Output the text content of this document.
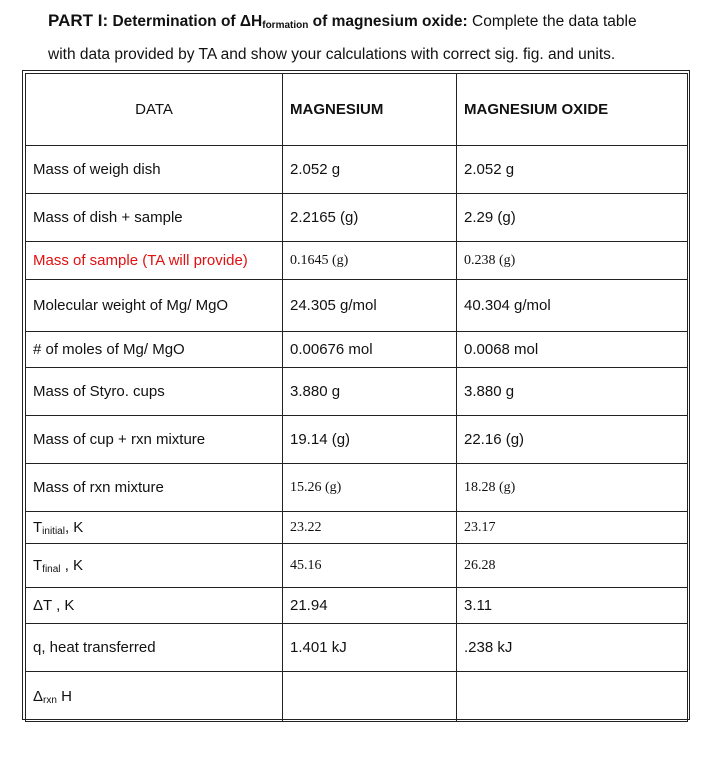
PART I: Determination of $\Delta H_{formation}$ of magnesium oxide: Complete the data table
with data provided by TA and show your calculations with correct sig. fig. and units.
DATA	MAGNESIUM	MAGNESIUM OXIDE
Mass of weigh dish	2.052 g	2.052 g
Mass of dish + sample	2.2165 (g)	2.29 (g)
Mass of sample (TA will provide)	0.1645 (g)	0.238 (g)
Molecular weight of Mg/ MgO	24.305 g/mol	40.304 g/mol
# of moles of Mg/ MgO	0.00676 mol	0.0068 mol
Mass of Styro. cups	3.880 g	3.880 g
Mass of cup + rxn mixture	19.14 (g)	22.16 (g)
Mass of rxn mixture	15.26 (g)	18.28 (g)
$T_{initial}$, K	23.22	23.17
$T_{final}$ , K	45.16	26.28
ΔT , K	21.94	3.11
q, heat transferred	1.401 kJ	.238 kJ
$\Delta_{rxn}$ H		
